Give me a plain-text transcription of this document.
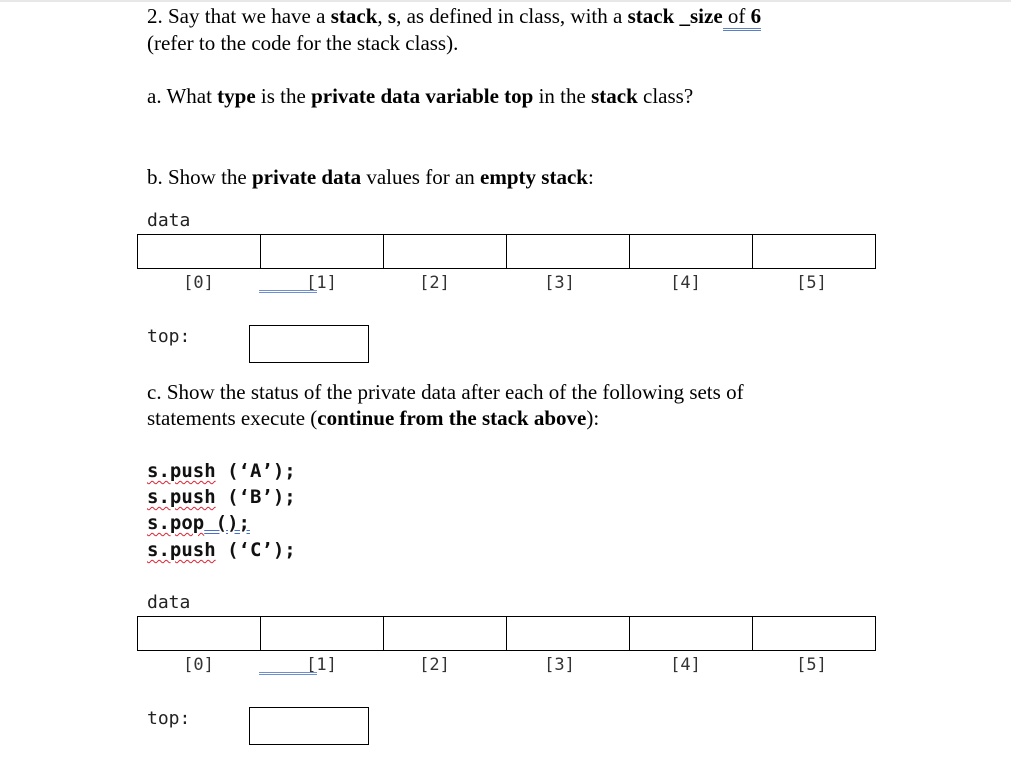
2. Say that we have a stack, s, as defined in class, with a stack _size of 6
(refer to the code for the stack class).
a. What type is the private data variable top in the stack class?
b. Show the private data values for an empty stack:
data
[0]	[1]	[2]	[3]	[4]	[5]
top:
c. Show the status of the private data after each of the following sets of
statements execute (continue from the stack above):
s.push (‘A’);
s.push (‘B’);
s.pop ();
s.push (‘C’);
data
[0]	[1]	[2]	[3]	[4]	[5]
top:
